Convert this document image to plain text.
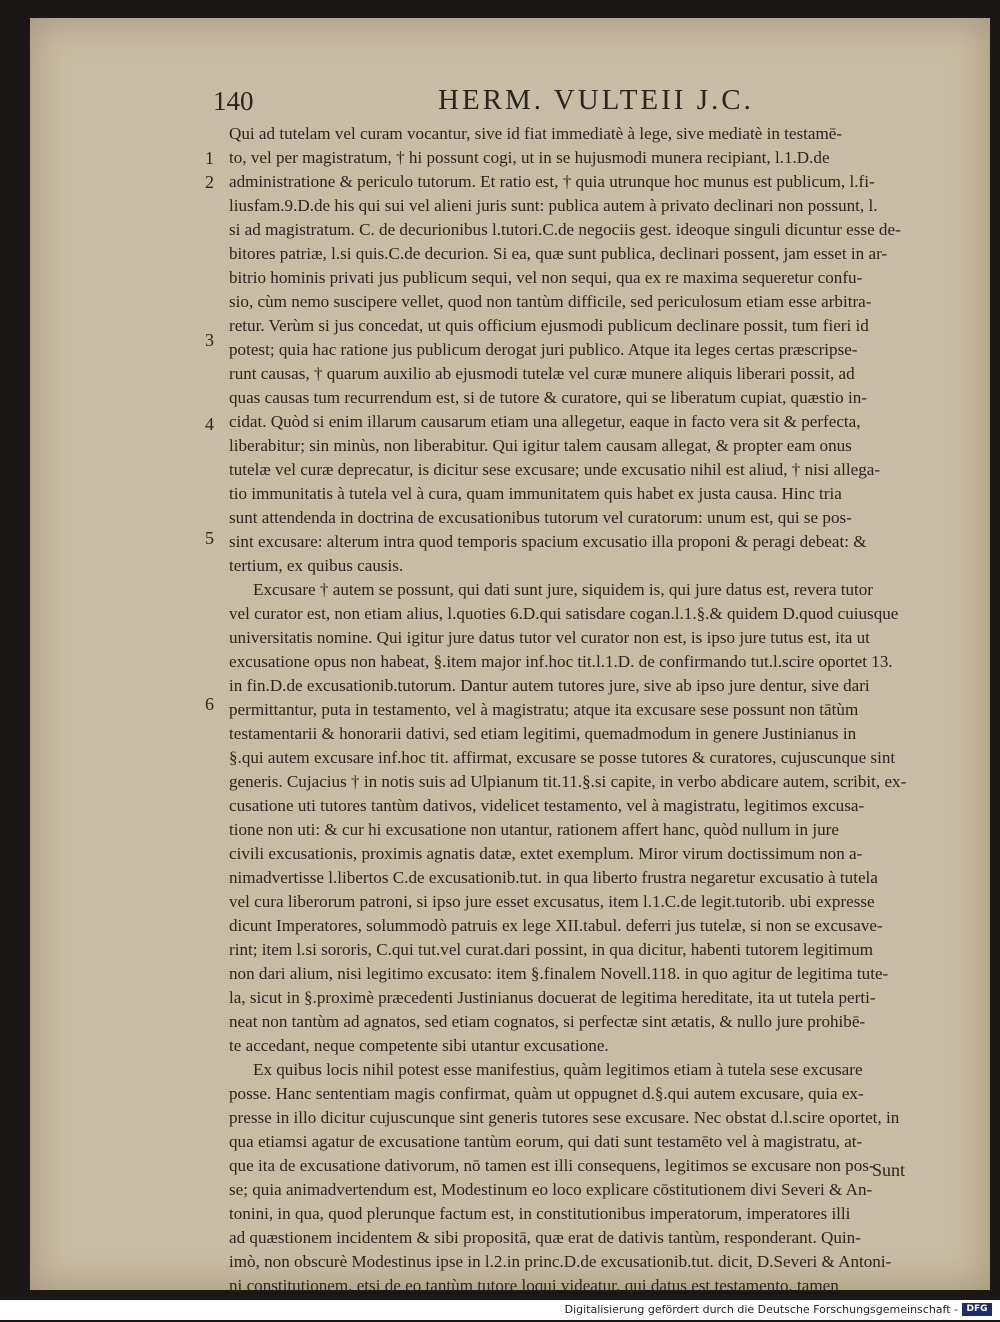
140	HERM. VULTEII J.C.
1
2
3
4
5
6
Qui ad tutelam vel curam vocantur, sive id fiat immediatè à lege, sive mediatè in testamē-
to, vel per magistratum, † hi possunt cogi, ut in se hujusmodi munera recipiant, l.1.D.de
administratione & periculo tutorum. Et ratio est, † quia utrunque hoc munus est publicum, l.fi-
liusfam.9.D.de his qui sui vel alieni juris sunt: publica autem à privato declinari non possunt, l.
si ad magistratum. C. de decurionibus l.tutori.C.de negociis gest. ideoque singuli dicuntur esse de-
bitores patriæ, l.si quis.C.de decurion. Si ea, quæ sunt publica, declinari possent, jam esset in ar-
bitrio hominis privati jus publicum sequi, vel non sequi, qua ex re maxima sequeretur confu-
sio, cùm nemo suscipere vellet, quod non tantùm difficile, sed periculosum etiam esse arbitra-
retur. Verùm si jus concedat, ut quis officium ejusmodi publicum declinare possit, tum fieri id
potest; quia hac ratione jus publicum derogat juri publico. Atque ita leges certas præscripse-
runt causas, † quarum auxilio ab ejusmodi tutelæ vel curæ munere aliquis liberari possit, ad
quas causas tum recurrendum est, si de tutore & curatore, qui se liberatum cupiat, quæstio in-
cidat. Quòd si enim illarum causarum etiam una allegetur, eaque in facto vera sit & perfecta,
liberabitur; sin minùs, non liberabitur. Qui igitur talem causam allegat, & propter eam onus
tutelæ vel curæ deprecatur, is dicitur sese excusare; unde excusatio nihil est aliud, † nisi allega-
tio immunitatis à tutela vel à cura, quam immunitatem quis habet ex justa causa. Hinc tria
sunt attendenda in doctrina de excusationibus tutorum vel curatorum: unum est, qui se pos-
sint excusare: alterum intra quod temporis spacium excusatio illa proponi & peragi debeat: &
tertium, ex quibus causis.
Excusare † autem se possunt, qui dati sunt jure, siquidem is, qui jure datus est, revera tutor
vel curator est, non etiam alius, l.quoties 6.D.qui satisdare cogan.l.1.§.& quidem D.quod cuiusque
universitatis nomine. Qui igitur jure datus tutor vel curator non est, is ipso jure tutus est, ita ut
excusatione opus non habeat, §.item major inf.hoc tit.l.1.D. de confirmando tut.l.scire oportet 13.
in fin.D.de excusationib.tutorum. Dantur autem tutores jure, sive ab ipso jure dentur, sive dari
permittantur, puta in testamento, vel à magistratu; atque ita excusare sese possunt non tātùm
testamentarii & honorarii dativi, sed etiam legitimi, quemadmodum in genere Justinianus in
§.qui autem excusare inf.hoc tit. affirmat, excusare se posse tutores & curatores, cujuscunque sint
generis. Cujacius † in notis suis ad Ulpianum tit.11.§.si capite, in verbo abdicare autem, scribit, ex-
cusatione uti tutores tantùm dativos, videlicet testamento, vel à magistratu, legitimos excusa-
tione non uti: & cur hi excusatione non utantur, rationem affert hanc, quòd nullum in jure
civili excusationis, proximis agnatis datæ, extet exemplum. Miror virum doctissimum non a-
nimadvertisse l.libertos C.de excusationib.tut. in qua liberto frustra negaretur excusatio à tutela
vel cura liberorum patroni, si ipso jure esset excusatus, item l.1.C.de legit.tutorib. ubi expresse
dicunt Imperatores, solummodò patruis ex lege XII.tabul. deferri jus tutelæ, si non se excusave-
rint; item l.si sororis, C.qui tut.vel curat.dari possint, in qua dicitur, habenti tutorem legitimum
non dari alium, nisi legitimo excusato: item §.finalem Novell.118. in quo agitur de legitima tute-
la, sicut in §.proximè præcedenti Justinianus docuerat de legitima hereditate, ita ut tutela perti-
neat non tantùm ad agnatos, sed etiam cognatos, si perfectæ sint ætatis, & nullo jure prohibē-
te accedant, neque competente sibi utantur excusatione.
Ex quibus locis nihil potest esse manifestius, quàm legitimos etiam à tutela sese excusare
posse. Hanc sententiam magis confirmat, quàm ut oppugnet d.§.qui autem excusare, quia ex-
presse in illo dicitur cujuscunque sint generis tutores sese excusare. Nec obstat d.l.scire oportet, in
qua etiamsi agatur de excusatione tantùm eorum, qui dati sunt testamēto vel à magistratu, at-
que ita de excusatione dativorum, nō tamen est illi consequens, legitimos se excusare non pos-
se; quia animadvertendum est, Modestinum eo loco explicare cōstitutionem divi Severi & An-
tonini, in qua, quod plerunque factum est, in constitutionibus imperatorum, imperatores illi
ad quæstionem incidentem & sibi propositā, quæ erat de dativis tantùm, responderant. Quin-
imò, non obscurè Modestinus ipse in l.2.in princ.D.de excusationib.tut. dicit, D.Severi & Antoni-
ni constitutionem, etsi de eo tantùm tutore loqui videatur, qui datus est testamento, tamen
Sunt
Digitalisierung gefördert durch die Deutsche Forschungsgemeinschaft - DFG
